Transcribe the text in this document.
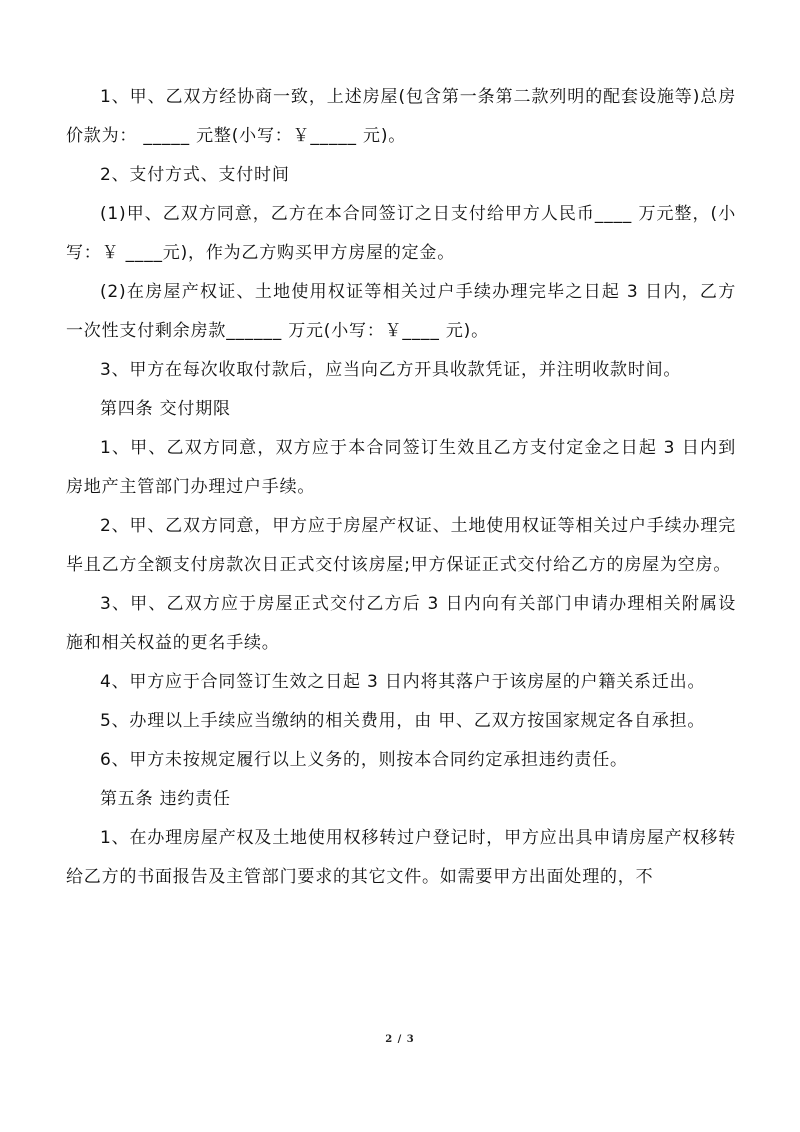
1、甲、乙双方经协商一致，上述房屋(包含第一条第二款列明的配套设施等)总房价款为： _____ 元整(小写：￥_____ 元)。

2、支付方式、支付时间

(1)甲、乙双方同意，乙方在本合同签订之日支付给甲方人民币____ 万元整，(小写：￥ ____元)，作为乙方购买甲方房屋的定金。

(2)在房屋产权证、土地使用权证等相关过户手续办理完毕之日起 3 日内，乙方一次性支付剩余房款______ 万元(小写：￥____ 元)。

3、甲方在每次收取付款后，应当向乙方开具收款凭证，并注明收款时间。

第四条 交付期限

1、甲、乙双方同意，双方应于本合同签订生效且乙方支付定金之日起 3 日内到房地产主管部门办理过户手续。

2、甲、乙双方同意，甲方应于房屋产权证、土地使用权证等相关过户手续办理完毕且乙方全额支付房款次日正式交付该房屋;甲方保证正式交付给乙方的房屋为空房。

3、甲、乙双方应于房屋正式交付乙方后 3 日内向有关部门申请办理相关附属设施和相关权益的更名手续。

4、甲方应于合同签订生效之日起 3 日内将其落户于该房屋的户籍关系迁出。

5、办理以上手续应当缴纳的相关费用，由 甲、乙双方按国家规定各自承担。

6、甲方未按规定履行以上义务的，则按本合同约定承担违约责任。

第五条 违约责任

1、在办理房屋产权及土地使用权移转过户登记时，甲方应出具申请房屋产权移转给乙方的书面报告及主管部门要求的其它文件。如需要甲方出面处理的，不

2 / 3
